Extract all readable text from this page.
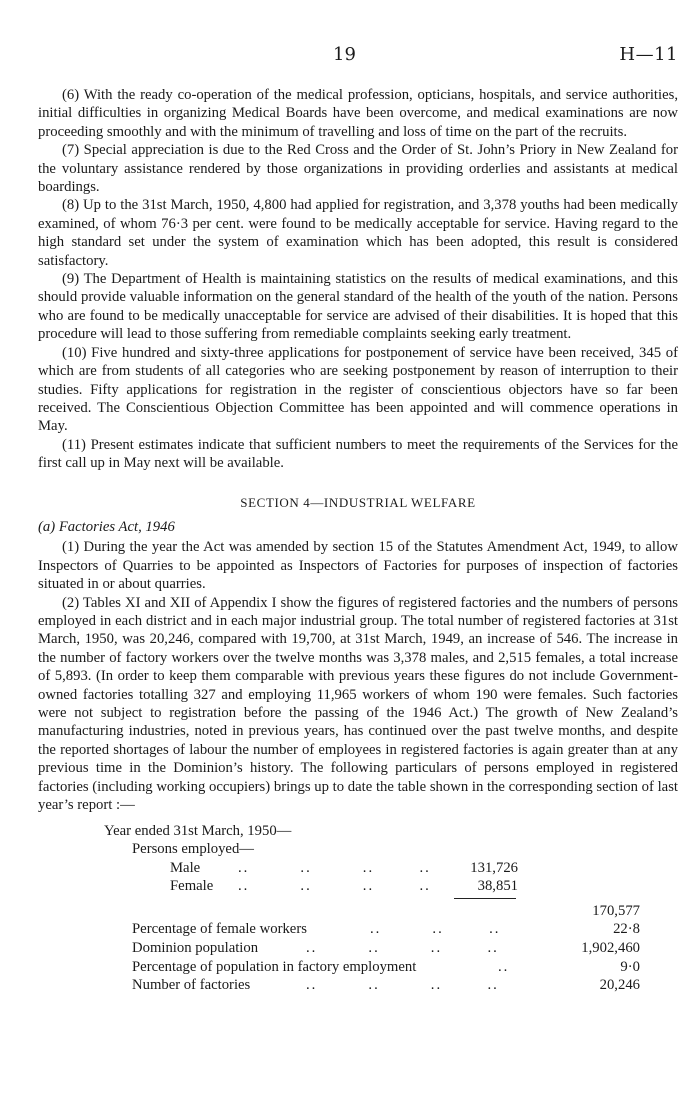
19	H—11

(6) With the ready co-operation of the medical profession, opticians, hospitals, and service authorities, initial difficulties in organizing Medical Boards have been overcome, and medical examinations are now proceeding smoothly and with the minimum of travelling and loss of time on the part of the recruits.

(7) Special appreciation is due to the Red Cross and the Order of St. John’s Priory in New Zealand for the voluntary assistance rendered by those organizations in providing orderlies and assistants at medical boardings.

(8) Up to the 31st March, 1950, 4,800 had applied for registration, and 3,378 youths had been medically examined, of whom 76·3 per cent. were found to be medically acceptable for service. Having regard to the high standard set under the system of examination which has been adopted, this result is considered satisfactory.

(9) The Department of Health is maintaining statistics on the results of medical examinations, and this should provide valuable information on the general standard of the health of the youth of the nation. Persons who are found to be medically unacceptable for service are advised of their disabilities. It is hoped that this procedure will lead to those suffering from remediable complaints seeking early treatment.

(10) Five hundred and sixty-three applications for postponement of service have been received, 345 of which are from students of all categories who are seeking postponement by reason of interruption to their studies. Fifty applications for registration in the register of conscientious objectors have so far been received. The Conscientious Objection Committee has been appointed and will commence operations in May.

(11) Present estimates indicate that sufficient numbers to meet the requirements of the Services for the first call up in May next will be available.

SECTION 4—INDUSTRIAL WELFARE
(a) Factories Act, 1946

(1) During the year the Act was amended by section 15 of the Statutes Amendment Act, 1949, to allow Inspectors of Quarries to be appointed as Inspectors of Factories for purposes of inspection of factories situated in or about quarries.

(2) Tables XI and XII of Appendix I show the figures of registered factories and the numbers of persons employed in each district and in each major industrial group. The total number of registered factories at 31st March, 1950, was 20,246, compared with 19,700, at 31st March, 1949, an increase of 546. The increase in the number of factory workers over the twelve months was 3,378 males, and 2,515 females, a total increase of 5,893. (In order to keep them comparable with previous years these figures do not include Government-owned factories totalling 327 and employing 11,965 workers of whom 190 were females. Such factories were not subject to registration before the passing of the 1946 Act.) The growth of New Zealand’s manufacturing industries, noted in previous years, has continued over the past twelve months, and despite the reported shortages of labour the number of employees in registered factories is again greater than at any previous time in the Dominion’s history. The following particulars of persons employed in registered factories (including working occupiers) brings up to date the table shown in the corresponding section of last year’s report :—

Year ended 31st March, 1950—
Persons employed—
Male	..         ..         ..        ..	131,726
Female ..         ..         ..        ..	38,851
170,577
Percentage of female workers	..         ..        ..	22·8
Dominion population	..         ..         ..        ..	1,902,460
Percentage of population in factory employment	..	9·0
Number of factories	..         ..         ..        ..	20,246
